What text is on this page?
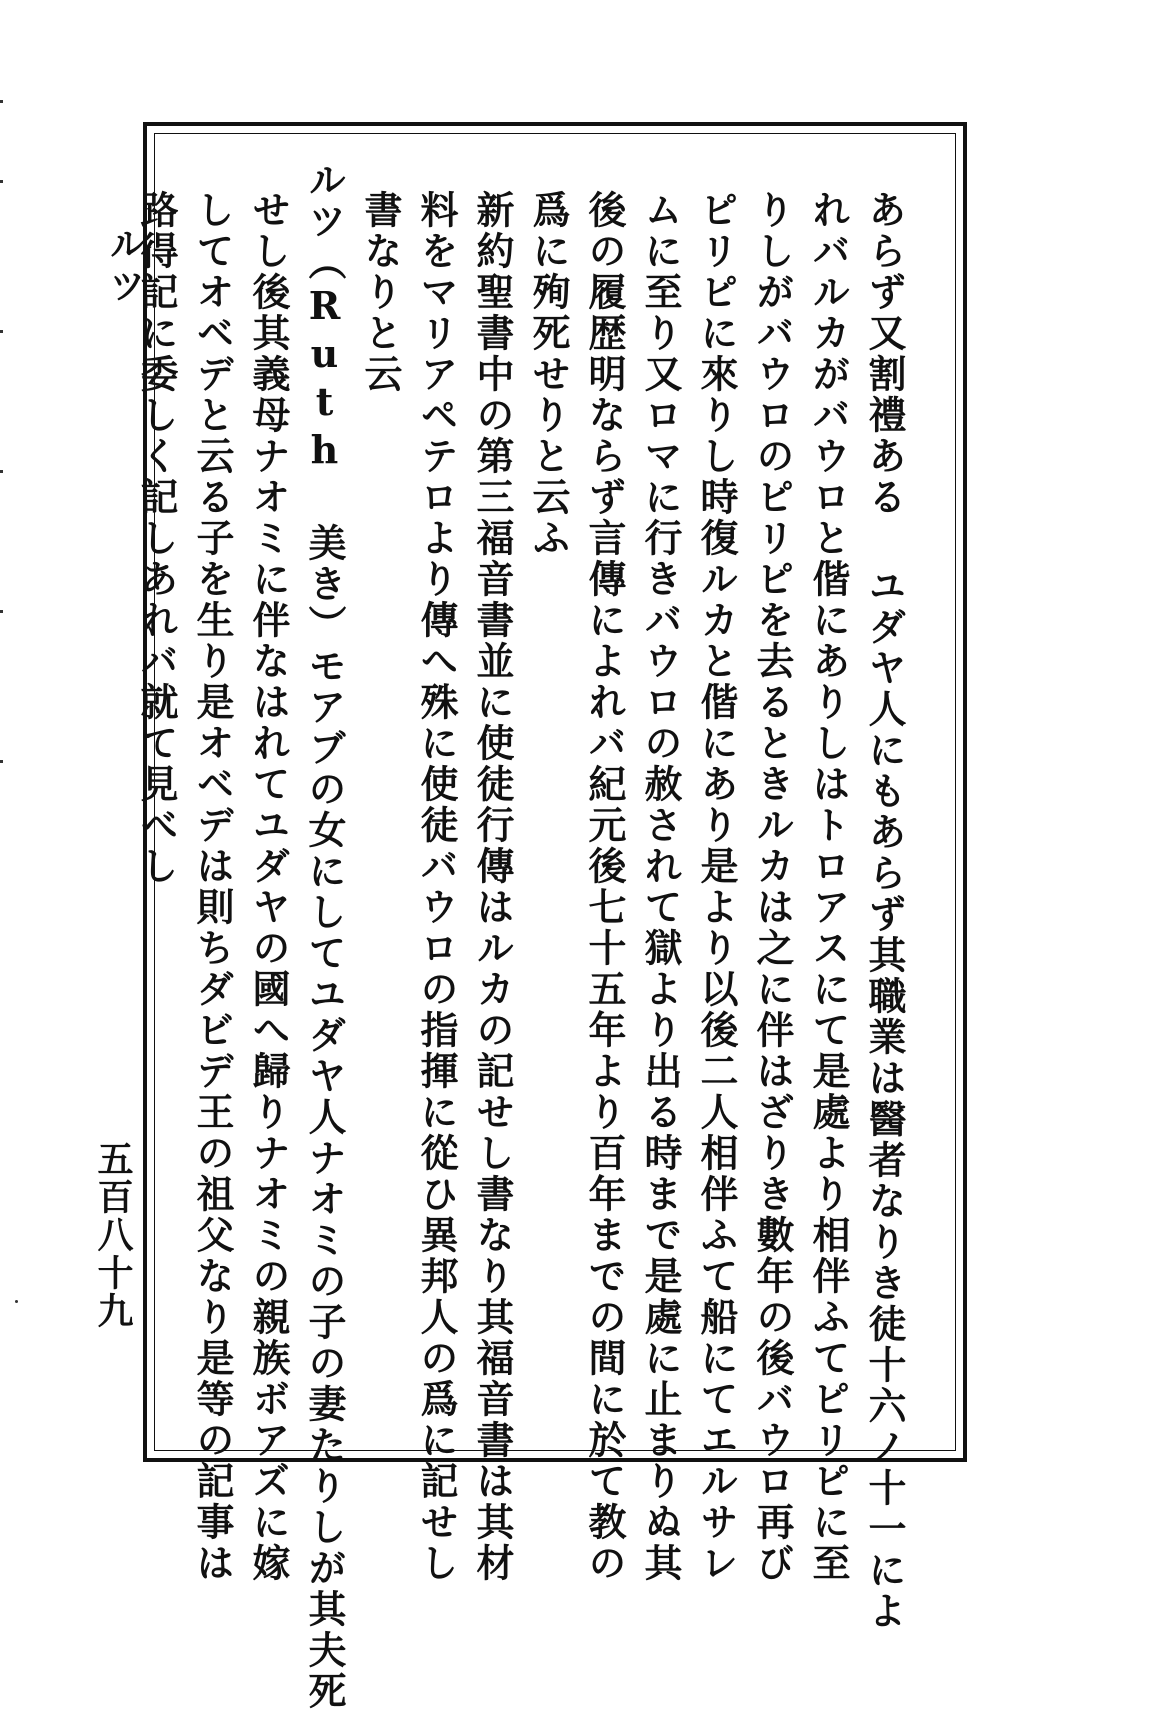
ルツ
五百八十九	あらず又割禮ある ユダヤ人にもあらず其職業は醫者なりき徒十六ノ十一によ
れバルカがバウロと偕にありしはトロアスにて是處より相伴ふてピリピに至
りしがバウロのピリピを去るときルカは之に伴はざりき數年の後バウロ再び
ピリピに來りし時復ルカと偕にあり是より以後二人相伴ふて船にてエルサレ
ムに至り又ロマに行きバウロの赦されて獄より出る時まで是處に止まりぬ其
後の履歴明ならず言傳によれバ紀元後七十五年より百年までの間に於て教の
爲に殉死せりと云ふ
新約聖書中の第三福音書並に使徒行傳はルカの記せし書なり其福音書は其材
料をマリアペテロより傳へ殊に使徒バウロの指揮に從ひ異邦人の爲に記せし
書なりと云
ルツ（Ruth 美き）モアブの女にしてユダヤ人ナオミの子の妻たりしが其夫死
せし後其義母ナオミに伴なはれてユダヤの國へ歸りナオミの親族ボアズに嫁
してオベデと云る子を生り是オベデは則ちダビデ王の祖父なり是等の記事は
路得記に委しく記しあれバ就て見べし
